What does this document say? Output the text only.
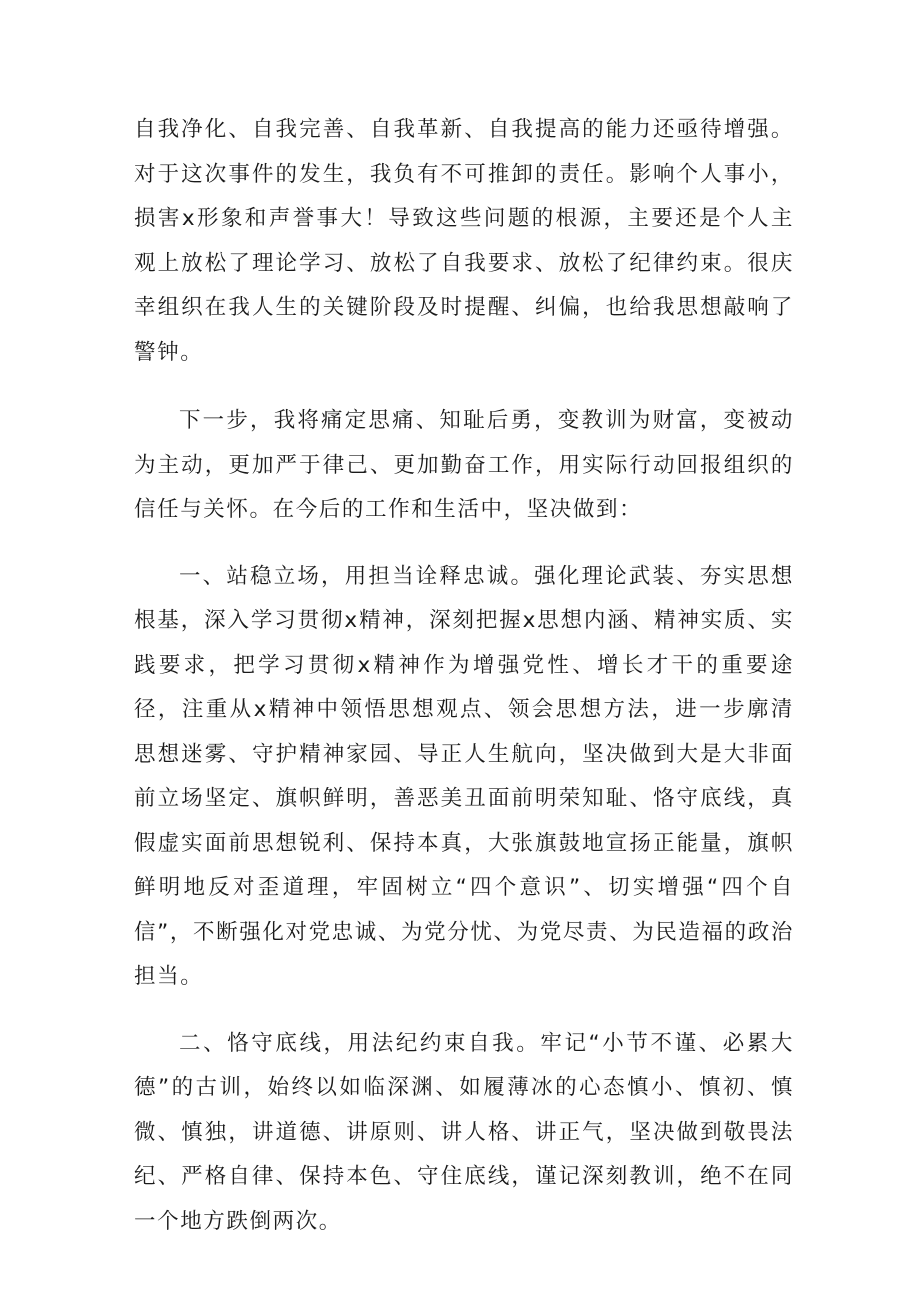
自我净化、自我完善、自我革新、自我提高的能力还亟待增强。对于这次事件的发生，我负有不可推卸的责任。影响个人事小，损害x形象和声誉事大！导致这些问题的根源，主要还是个人主观上放松了理论学习、放松了自我要求、放松了纪律约束。很庆幸组织在我人生的关键阶段及时提醒、纠偏，也给我思想敲响了警钟。

下一步，我将痛定思痛、知耻后勇，变教训为财富，变被动为主动，更加严于律己、更加勤奋工作，用实际行动回报组织的信任与关怀。在今后的工作和生活中，坚决做到：

一、站稳立场，用担当诠释忠诚。强化理论武装、夯实思想根基，深入学习贯彻x精神，深刻把握x思想内涵、精神实质、实践要求，把学习贯彻x精神作为增强党性、增长才干的重要途径，注重从x精神中领悟思想观点、领会思想方法，进一步廓清思想迷雾、守护精神家园、导正人生航向，坚决做到大是大非面前立场坚定、旗帜鲜明，善恶美丑面前明荣知耻、恪守底线，真假虚实面前思想锐利、保持本真，大张旗鼓地宣扬正能量，旗帜鲜明地反对歪道理，牢固树立“四个意识”、切实增强“四个自信”，不断强化对党忠诚、为党分忧、为党尽责、为民造福的政治担当。

二、恪守底线，用法纪约束自我。牢记“小节不谨、必累大德”的古训，始终以如临深渊、如履薄冰的心态慎小、慎初、慎微、慎独，讲道德、讲原则、讲人格、讲正气，坚决做到敬畏法纪、严格自律、保持本色、守住底线，谨记深刻教训，绝不在同一个地方跌倒两次。
